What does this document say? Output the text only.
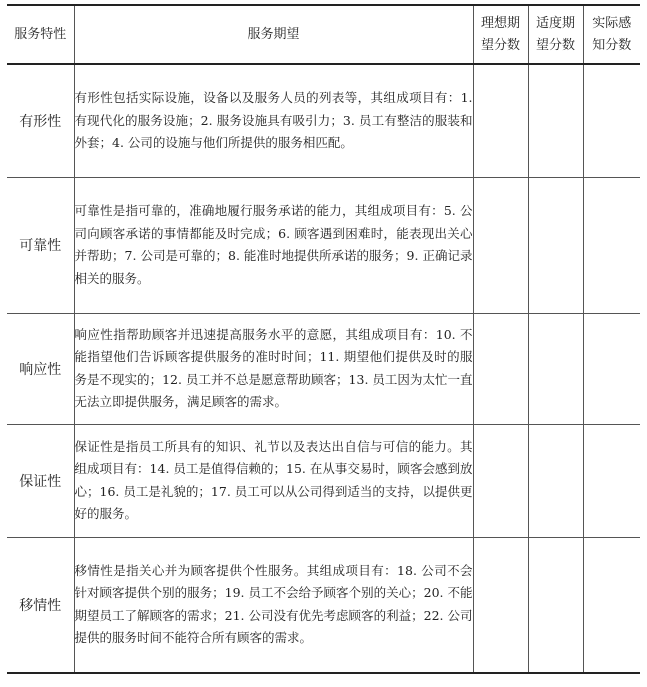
服务特性	服务期望	理想期望分数	适度期望分数	实际感知分数
有形性	有形性包括实际设施，设备以及服务人员的列表等，其组成项目有：1. 有现代化的服务设施；2. 服务设施具有吸引力；3. 员工有整洁的服装和外套；4. 公司的设施与他们所提供的服务相匹配。			
可靠性	可靠性是指可靠的，准确地履行服务承诺的能力，其组成项目有：5. 公司向顾客承诺的事情都能及时完成；6. 顾客遇到困难时，能表现出关心并帮助；7. 公司是可靠的；8. 能准时地提供所承诺的服务；9. 正确记录相关的服务。			
响应性	响应性指帮助顾客并迅速提高服务水平的意愿，其组成项目有：10. 不能指望他们告诉顾客提供服务的准时时间；11. 期望他们提供及时的服务是不现实的；12. 员工并不总是愿意帮助顾客；13. 员工因为太忙一直无法立即提供服务，满足顾客的需求。			
保证性	保证性是指员工所具有的知识、礼节以及表达出自信与可信的能力。其组成项目有：14. 员工是值得信赖的；15. 在从事交易时，顾客会感到放心；16. 员工是礼貌的；17. 员工可以从公司得到适当的支持，以提供更好的服务。			
移情性	移情性是指关心并为顾客提供个性服务。其组成项目有：18. 公司不会针对顾客提供个别的服务；19. 员工不会给予顾客个别的关心；20. 不能期望员工了解顾客的需求；21. 公司没有优先考虑顾客的利益；22. 公司提供的服务时间不能符合所有顾客的需求。			
